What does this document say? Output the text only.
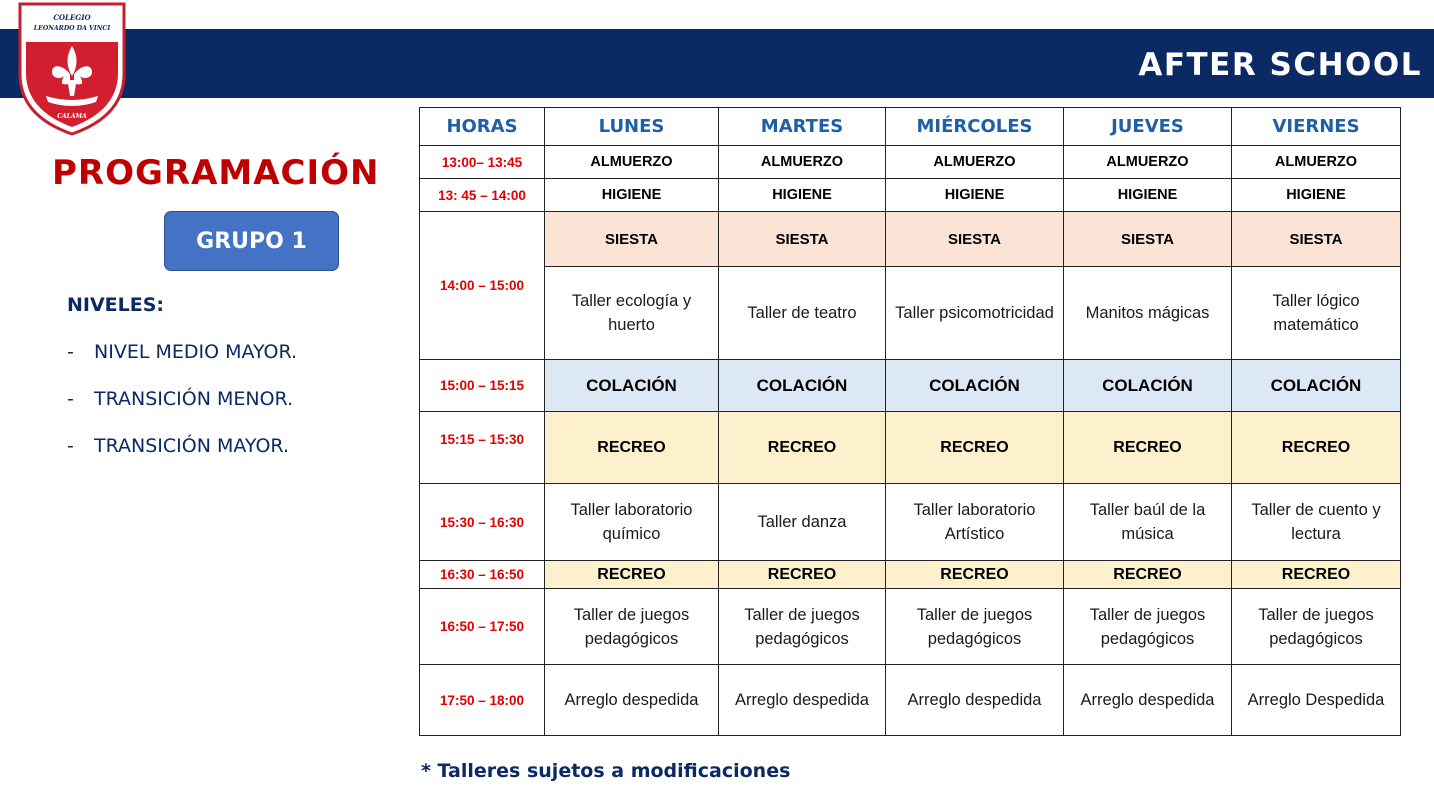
AFTER SCHOOL
COLEGIO
LEONARDO DA VINCI
CALAMA
PROGRAMACIÓN
GRUPO 1
NIVELES:
- NIVEL MEDIO MAYOR.
- TRANSICIÓN MENOR.
- TRANSICIÓN MAYOR.
HORAS	LUNES	MARTES	MIÉRCOLES	JUEVES	VIERNES
13:00– 13:45	ALMUERZO	ALMUERZO	ALMUERZO	ALMUERZO	ALMUERZO
13: 45 – 14:00	HIGIENE	HIGIENE	HIGIENE	HIGIENE	HIGIENE
14:00 – 15:00	SIESTA	SIESTA	SIESTA	SIESTA	SIESTA
	Taller ecología y huerto	Taller de teatro	Taller psicomotricidad	Manitos mágicas	Taller lógico matemático
15:00 – 15:15	COLACIÓN	COLACIÓN	COLACIÓN	COLACIÓN	COLACIÓN
15:15 – 15:30	RECREO	RECREO	RECREO	RECREO	RECREO
15:30 – 16:30	Taller laboratorio químico	Taller danza	Taller laboratorio Artístico	Taller baúl de la música	Taller de cuento y lectura
16:30 – 16:50	RECREO	RECREO	RECREO	RECREO	RECREO
16:50 – 17:50	Taller de juegos pedagógicos	Taller de juegos pedagógicos	Taller de juegos pedagógicos	Taller de juegos pedagógicos	Taller de juegos pedagógicos
17:50 – 18:00	Arreglo despedida	Arreglo despedida	Arreglo despedida	Arreglo despedida	Arreglo Despedida
* Talleres sujetos a modificaciones
